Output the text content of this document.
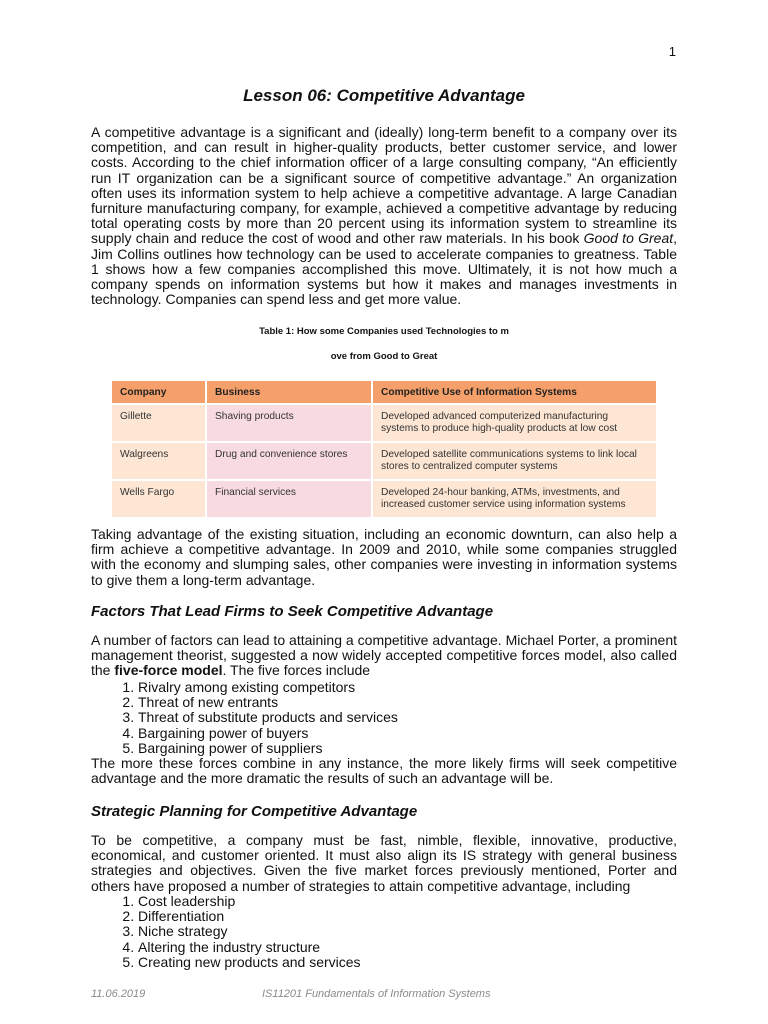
1
Lesson 06: Competitive Advantage

A competitive advantage is a significant and (ideally) long-term benefit to a company over its competition, and can result in higher-quality products, better customer service, and lower costs. According to the chief information officer of a large consulting company, “An efficiently run IT organization can be a significant source of competitive advantage.” An organization often uses its information system to help achieve a competitive advantage. A large Canadian furniture manufacturing company, for example, achieved a competitive advantage by reducing total operating costs by more than 20 percent using its information system to streamline its supply chain and reduce the cost of wood and other raw materials. In his book Good to Great, Jim Collins outlines how technology can be used to accelerate companies to greatness. Table 1 shows how a few companies accomplished this move. Ultimately, it is not how much a company spends on information systems but how it makes and manages investments in technology. Companies can spend less and get more value.

Table 1: How some Companies used Technologies to m

ove from Good to Great

Company	Business	Competitive Use of Information Systems
Gillette	Shaving products	Developed advanced computerized manufacturing systems to produce high-quality products at low cost
Walgreens	Drug and convenience stores	Developed satellite communications systems to link local stores to centralized computer systems
Wells Fargo	Financial services	Developed 24-hour banking, ATMs, investments, and increased customer service using information systems

Taking advantage of the existing situation, including an economic downturn, can also help a firm achieve a competitive advantage. In 2009 and 2010, while some companies struggled with the economy and slumping sales, other companies were investing in information systems to give them a long-term advantage.

Factors That Lead Firms to Seek Competitive Advantage

A number of factors can lead to attaining a competitive advantage. Michael Porter, a prominent management theorist, suggested a now widely accepted competitive forces model, also called the five-force model. The five forces include

1. Rivalry among existing competitors
2. Threat of new entrants
3. Threat of substitute products and services
4. Bargaining power of buyers
5. Bargaining power of suppliers

The more these forces combine in any instance, the more likely firms will seek competitive advantage and the more dramatic the results of such an advantage will be.

Strategic Planning for Competitive Advantage

To be competitive, a company must be fast, nimble, flexible, innovative, productive, economical, and customer oriented. It must also align its IS strategy with general business strategies and objectives. Given the five market forces previously mentioned, Porter and others have proposed a number of strategies to attain competitive advantage, including

1. Cost leadership
2. Differentiation
3. Niche strategy
4. Altering the industry structure
5. Creating new products and services
11.06.2019	IS11201 Fundamentals of Information Systems
